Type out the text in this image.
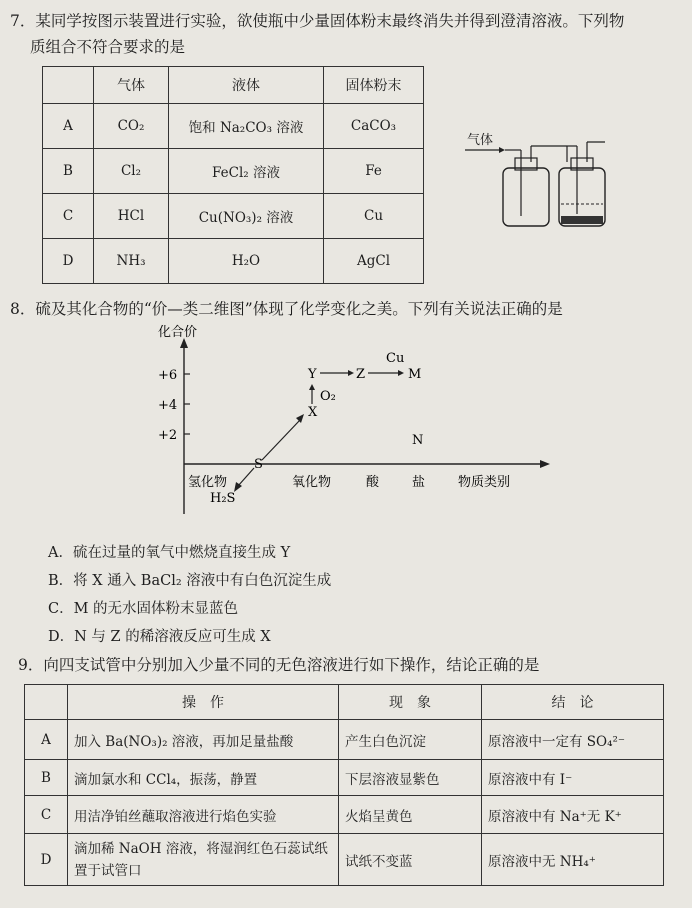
7．某同学按图示装置进行实验，欲使瓶中少量固体粉末最终消失并得到澄清溶液。下列物
质组合不符合要求的是
	气体	液体	固体粉末
A	CO₂	饱和 Na₂CO₃ 溶液	CaCO₃
B	Cl₂	FeCl₂ 溶液	Fe
C	HCl	Cu(NO₃)₂ 溶液	Cu
D	NH₃	H₂O	AgCl
气体
8．硫及其化合物的“价—类二维图”体现了化学变化之美。下列有关说法正确的是
化合价
物质类别
+6
+4
+2
氢化物	氧化物	酸	盐
S
H₂S
X
Y	Z	M
N
O₂
Cu
A．硫在过量的氧气中燃烧直接生成 Y
B．将 X 通入 BaCl₂ 溶液中有白色沉淀生成
C．M 的无水固体粉末显蓝色
D．N 与 Z 的稀溶液反应可生成 X
9．向四支试管中分别加入少量不同的无色溶液进行如下操作，结论正确的是
	操　作	现　象	结　论
A	加入 Ba(NO₃)₂ 溶液，再加足量盐酸	产生白色沉淀	原溶液中一定有 SO₄²⁻
B	滴加氯水和 CCl₄，振荡，静置	下层溶液显紫色	原溶液中有 I⁻
C	用洁净铂丝蘸取溶液进行焰色实验	火焰呈黄色	原溶液中有 Na⁺无 K⁺
D	滴加稀 NaOH 溶液，将湿润红色石蕊试纸置于试管口	试纸不变蓝	原溶液中无 NH₄⁺
